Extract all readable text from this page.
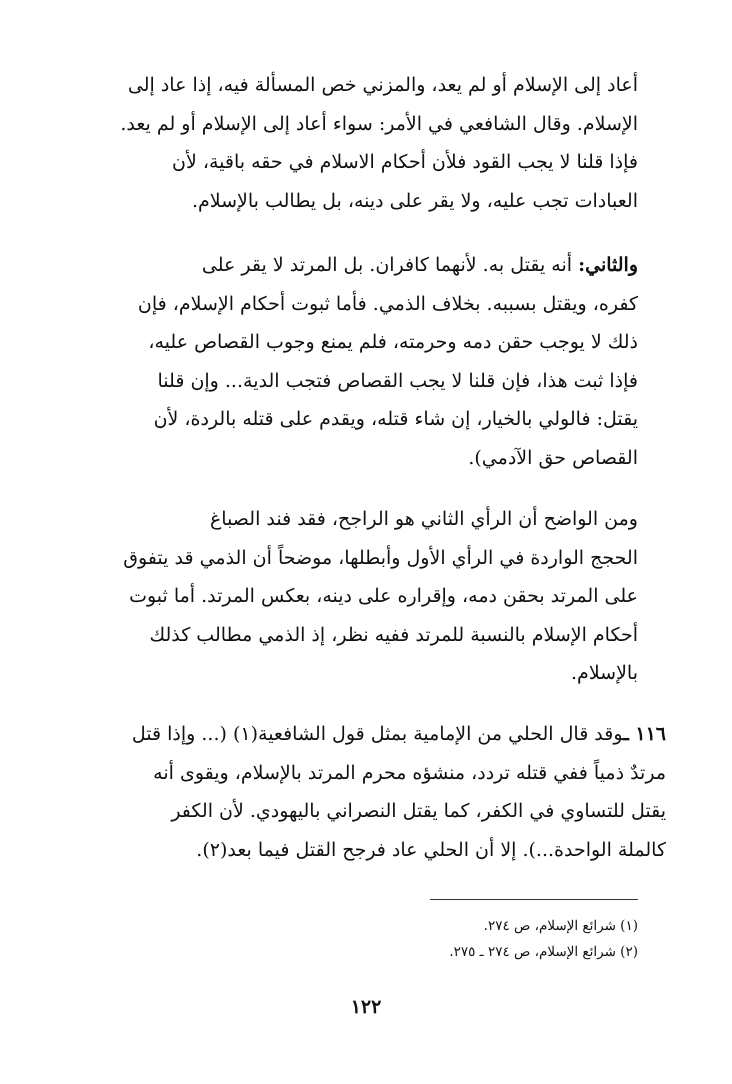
أعاد إلى الإسلام أو لم يعد، والمزني خص المسألة فيه، إذا عاد إلى
الإسلام. وقال الشافعي في الأمر: سواء أعاد إلى الإسلام أو لم يعد.
فإذا قلنا لا يجب القود فلأن أحكام الاسلام في حقه باقية، لأن
العبادات تجب عليه، ولا يقر على دينه، بل يطالب بالإسلام.
والثاني: أنه يقتل به. لأنهما كافران. بل المرتد لا يقر على
كفره، ويقتل بسببه. بخلاف الذمي. فأما ثبوت أحكام الإسلام، فإن
ذلك لا يوجب حقن دمه وحرمته، فلم يمنع وجوب القصاص عليه،
فإذا ثبت هذا، فإن قلنا لا يجب القصاص فتجب الدية... وإن قلنا
يقتل: فالولي بالخيار، إن شاء قتله، ويقدم على قتله بالردة، لأن
القصاص حق الآدمي).
ومن الواضح أن الرأي الثاني هو الراجح، فقد فند الصباغ
الحجج الواردة في الرأي الأول وأبطلها، موضحاً أن الذمي قد يتفوق
على المرتد بحقن دمه، وإقراره على دينه، بعكس المرتد. أما ثبوت
أحكام الإسلام بالنسبة للمرتد ففيه نظر، إذ الذمي مطالب كذلك
بالإسلام.
١١٦ ـوقد قال الحلي من الإمامية بمثل قول الشافعية(١) (... وإذا قتل
مرتدٌ ذمياً ففي قتله تردد، منشؤه محرم المرتد بالإسلام، ويقوى أنه
يقتل للتساوي في الكفر، كما يقتل النصراني باليهودي. لأن الكفر
كالملة الواحدة...). إلا أن الحلي عاد فرجح القتل فيما بعد(٢).
(١) شرائع الإسلام، ص ٢٧٤.
(٢) شرائع الإسلام، ص ٢٧٤ ـ ٢٧٥.
١٢٢
